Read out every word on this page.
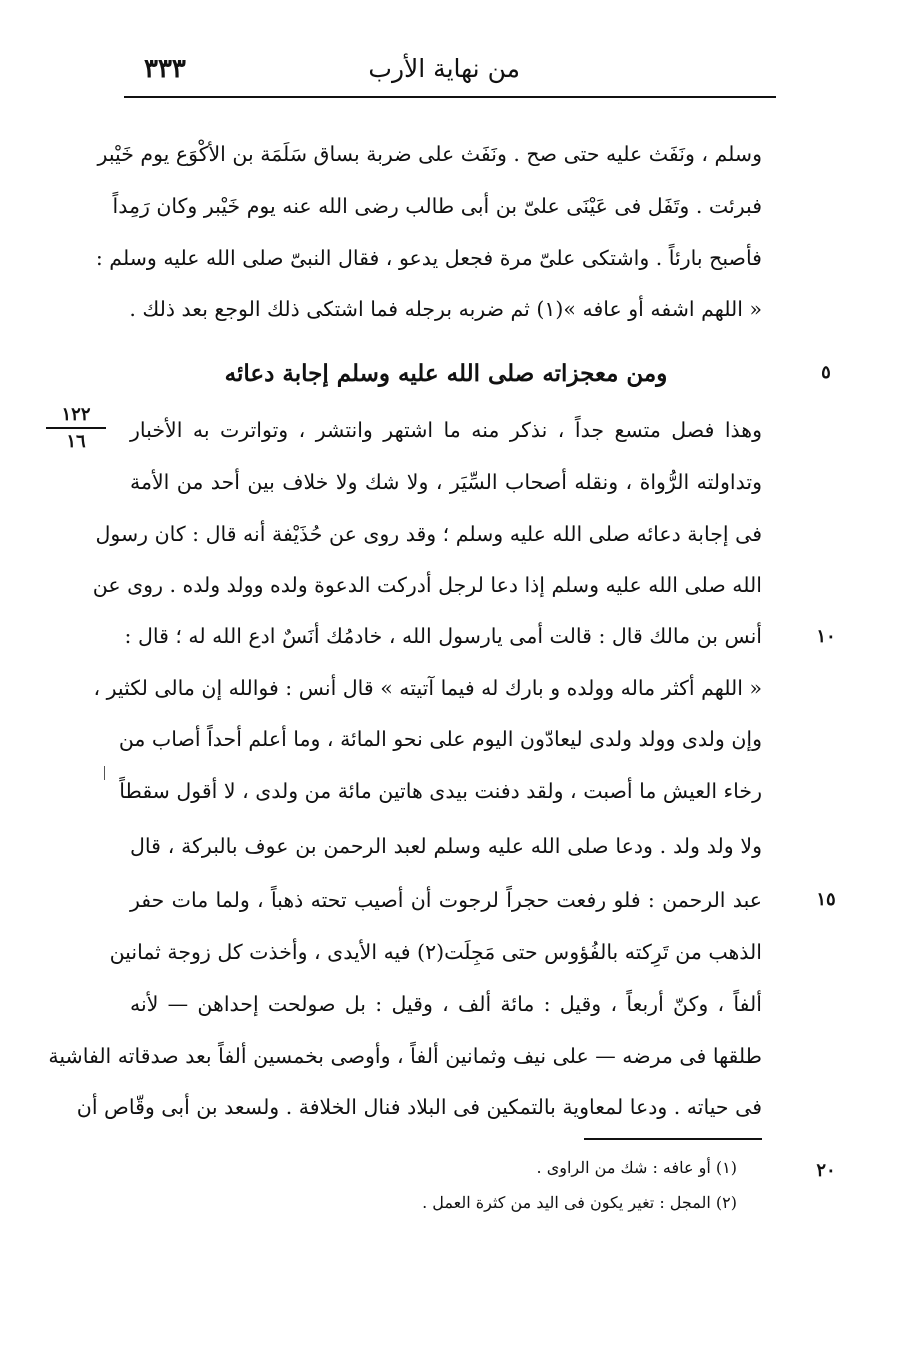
٣٣٣	من نهاية الأرب
وسلم ، ونَفَث عليه حتى صح . ونَفَث على ضربة بساق سَلَمَة بن الأكْوَع يوم خَيْبر
فبرئت . وتَفَل فى عَيْنَى علىّ بن أبى طالب رضى الله عنه يوم خَيْبر وكان رَمِداً
فأصبح بارئاً . واشتكى علىّ مرة فجعل يدعو ، فقال النبىّ صلى الله عليه وسلم :
« اللهم اشفه أو عافه »(١) ثم ضربه برجله فما اشتكى ذلك الوجع بعد ذلك .
٥
ومن معجزاته صلى الله عليه وسلم إجابة دعائه
١٢٢
١٦	وهذا فصل متسع جداً ، نذكر منه ما اشتهر وانتشر ، وتواترت به الأخبار
وتداولته الرُّواة ، ونقله أصحاب السِّيَر ، ولا شك ولا خلاف بين أحد من الأمة
فى إجابة دعائه صلى الله عليه وسلم ؛ وقد روى عن حُذَيْفة أنه قال : كان رسول
الله صلى الله عليه وسلم إذا دعا لرجل أدركت الدعوة ولده وولد ولده . روى عن
١٠
أنس بن مالك قال : قالت أمى يارسول الله ، خادمُك أنَسٌ ادع الله له ؛ قال :
« اللهم أكثر ماله وولده و بارك له فيما آتيته » قال أنس : فوالله إن مالى لكثير ،
وإن ولدى وولد ولدى ليعادّون اليوم على نحو المائة ، وما أعلم أحداً أصاب من
رخاء العيش ما أصبت ، ولقد دفنت بيدى هاتين مائة من ولدى ، لا أقول سقطاً
ولا ولد ولد . ودعا صلى الله عليه وسلم لعبد الرحمن بن عوف بالبركة ، قال
١٥
عبد الرحمن : فلو رفعت حجراً لرجوت أن أصيب تحته ذهباً ، ولما مات حفر
الذهب من تَرِكته بالفُؤوس حتى مَجِلَت(٢) فيه الأيدى ، وأخذت كل زوجة ثمانين
ألفاً ، وكنّ أربعاً ، وقيل : مائة ألف ، وقيل : بل صولحت إحداهن — لأنه
طلقها فى مرضه — على نيف وثمانين ألفاً ، وأوصى بخمسين ألفاً بعد صدقاته الفاشية
فى حياته . ودعا لمعاوية بالتمكين فى البلاد فنال الخلافة . ولسعد بن أبى وقّاص أن
٢٠
(١) أو عافه : شك من الراوى .
(٢) المجل : تغير يكون فى اليد من كثرة العمل .
